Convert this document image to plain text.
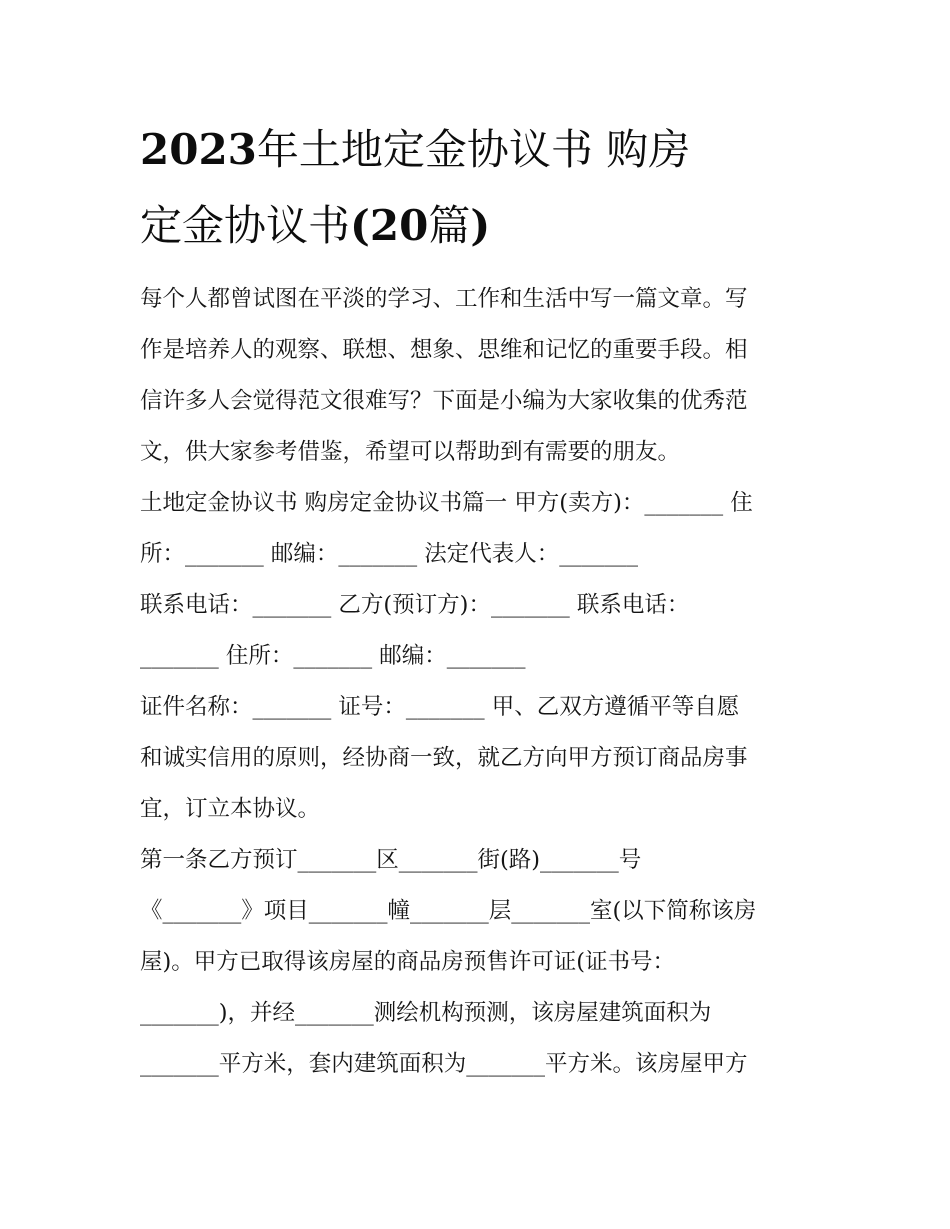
2023年土地定金协议书 购房
定金协议书(20篇)

每个人都曾试图在平淡的学习、工作和生活中写一篇文章。写
作是培养人的观察、联想、想象、思维和记忆的重要手段。相
信许多人会觉得范文很难写？下面是小编为大家收集的优秀范
文，供大家参考借鉴，希望可以帮助到有需要的朋友。

土地定金协议书 购房定金协议书篇一 甲方(卖方)：_______ 住
所：_______ 邮编：_______ 法定代表人：_______

联系电话：_______ 乙方(预订方)：_______ 联系电话：
_______ 住所：_______ 邮编：_______

证件名称：_______ 证号：_______ 甲、乙双方遵循平等自愿
和诚实信用的原则，经协商一致，就乙方向甲方预订商品房事
宜，订立本协议。

第一条乙方预订_______区_______街(路)_______号
《_______》项目_______幢_______层_______室(以下简称该房
屋)。甲方已取得该房屋的商品房预售许可证(证书号：
_______)，并经_______测绘机构预测，该房屋建筑面积为
_______平方米，套内建筑面积为_______平方米。该房屋甲方
